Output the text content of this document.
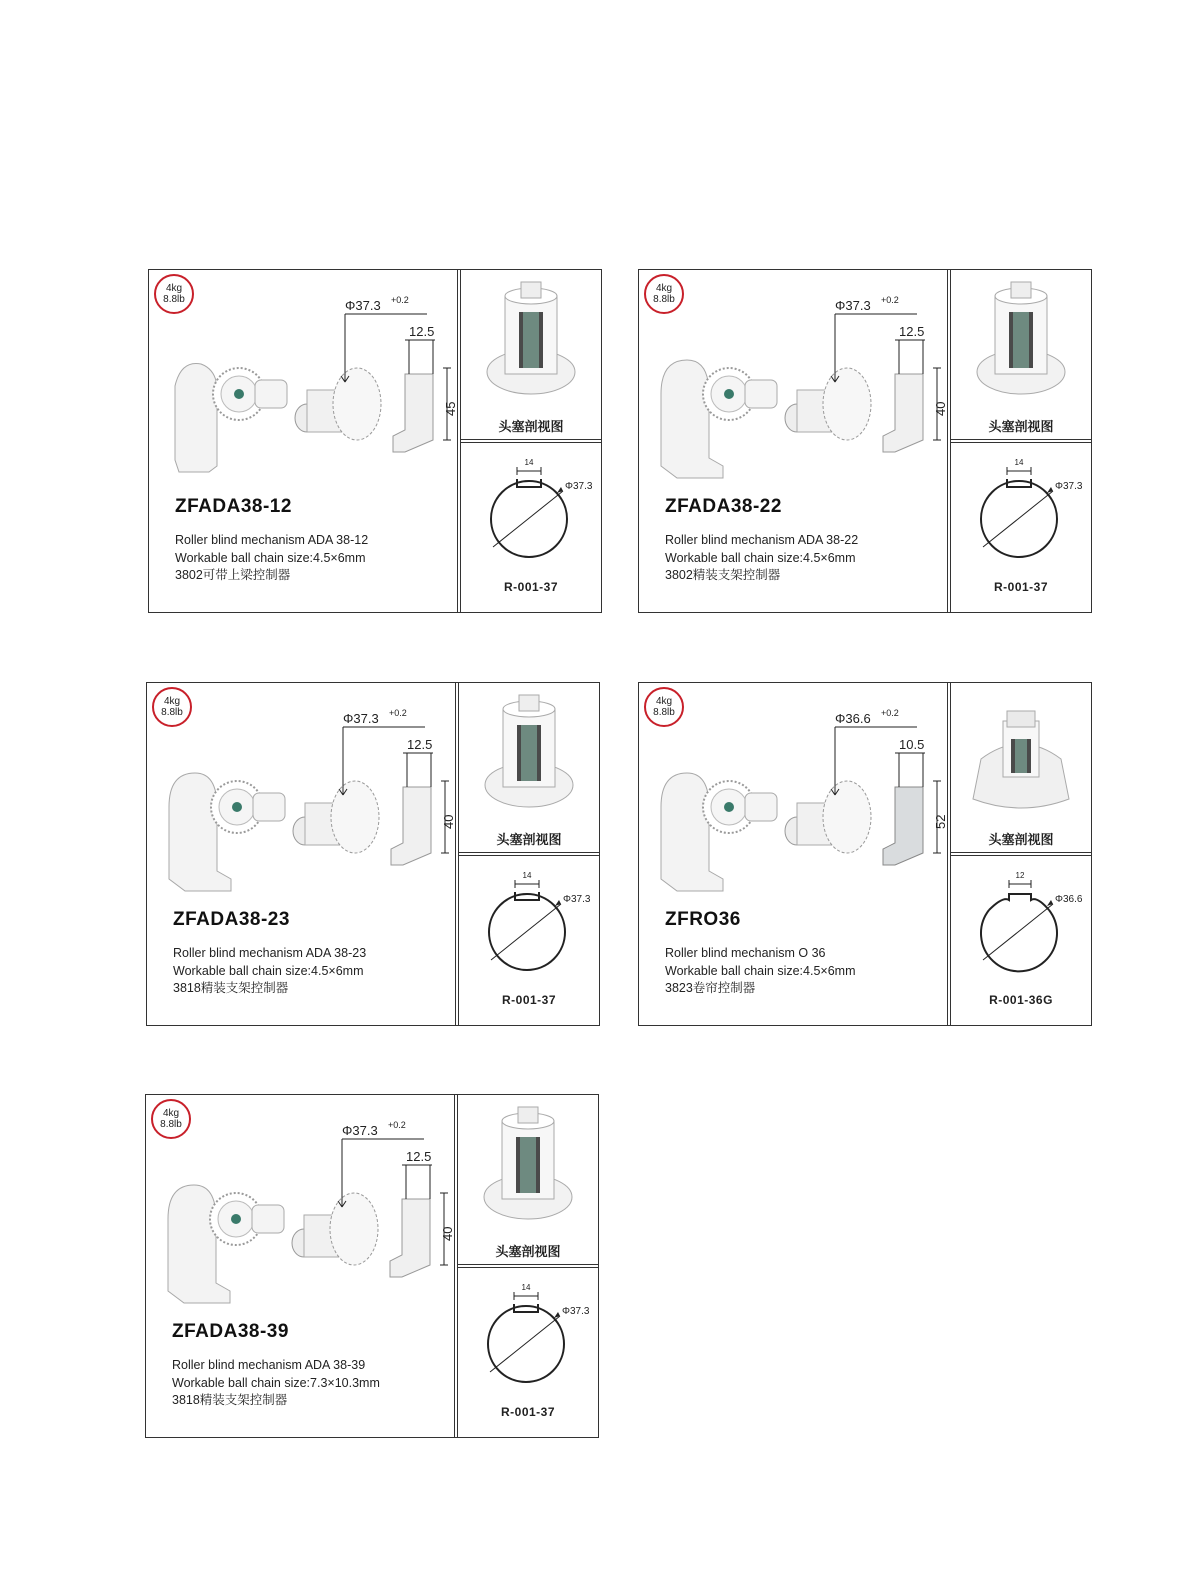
4kg
8.8lb	Φ37.3 +0.2
12.5
45
ZFADA38-12
Roller blind mechanism ADA 38-12
Workable ball chain size:4.5×6mm
3802可带上梁控制器
头塞剖视图
14
Φ37.3
R-001-37
4kg
8.8lb	Φ37.3 +0.2
12.5
40
ZFADA38-22
Roller blind mechanism ADA 38-22
Workable ball chain size:4.5×6mm
3802精装支架控制器
头塞剖视图
14
Φ37.3
R-001-37
4kg
8.8lb	Φ37.3 +0.2
12.5
40
ZFADA38-23
Roller blind mechanism ADA 38-23
Workable ball chain size:4.5×6mm
3818精装支架控制器
头塞剖视图
14
Φ37.3
R-001-37
4kg
8.8lb	Φ36.6 +0.2
10.5
52
ZFRO36
Roller blind mechanism O 36
Workable ball chain size:4.5×6mm
3823卷帘控制器
头塞剖视图
12
Φ36.6
R-001-36G
4kg
8.8lb	Φ37.3 +0.2
12.5
40
ZFADA38-39
Roller blind mechanism ADA 38-39
Workable ball chain size:7.3×10.3mm
3818精装支架控制器
头塞剖视图
14
Φ37.3
R-001-37
